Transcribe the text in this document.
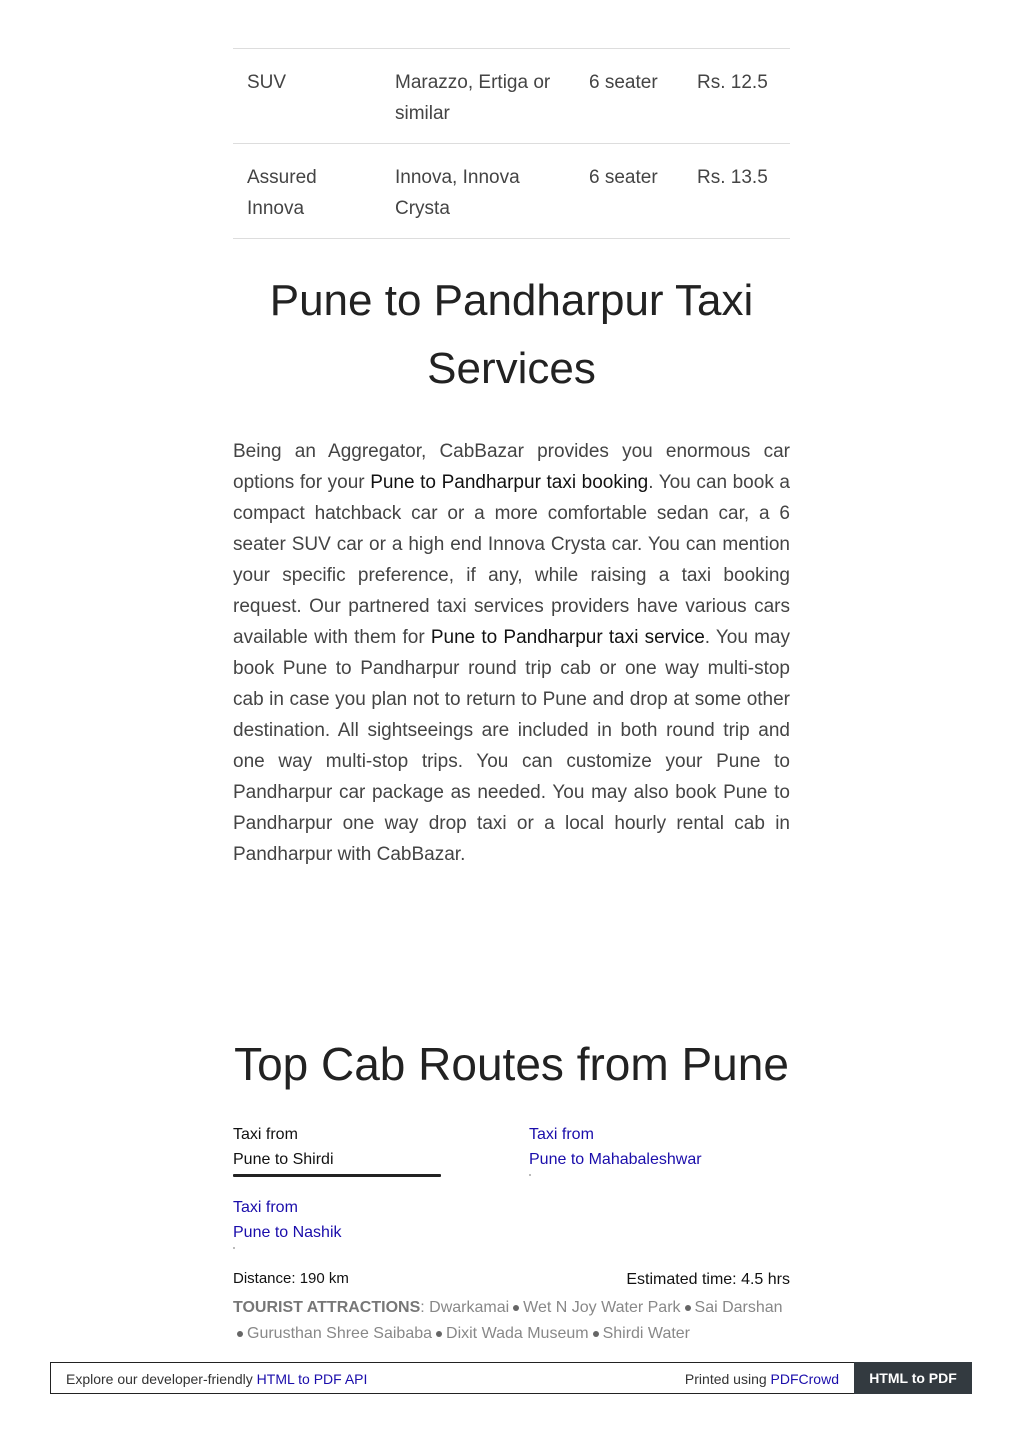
SUV	Marazzo, Ertiga or similar	6 seater	Rs. 12.5
Assured Innova	Innova, Innova Crysta	6 seater	Rs. 13.5
Pune to Pandharpur Taxi Services
Being an Aggregator, CabBazar provides you enormous car options for your Pune to Pandharpur taxi booking. You can book a compact hatchback car or a more comfortable sedan car, a 6 seater SUV car or a high end Innova Crysta car. You can mention your specific preference, if any, while raising a taxi booking request. Our partnered taxi services providers have various cars available with them for Pune to Pandharpur taxi service. You may book Pune to Pandharpur round trip cab or one way multi-stop cab in case you plan not to return to Pune and drop at some other destination. All sightseeings are included in both round trip and one way multi-stop trips. You can customize your Pune to Pandharpur car package as needed. You may also book Pune to Pandharpur one way drop taxi or a local hourly rental cab in Pandharpur with CabBazar.
Top Cab Routes from Pune
Taxi from
Pune to Shirdi
Taxi from
Pune to Mahabaleshwar
Taxi from
Pune to Nashik
Distance: 190 km	Estimated time: 4.5 hrs
TOURIST ATTRACTIONS: Dwarkamai Wet N Joy Water Park Sai DarshanGurusthan Shree Saibaba Dixit Wada Museum Shirdi Water
Explore our developer-friendly HTML to PDF API	Printed using PDFCrowd	HTML to PDF
